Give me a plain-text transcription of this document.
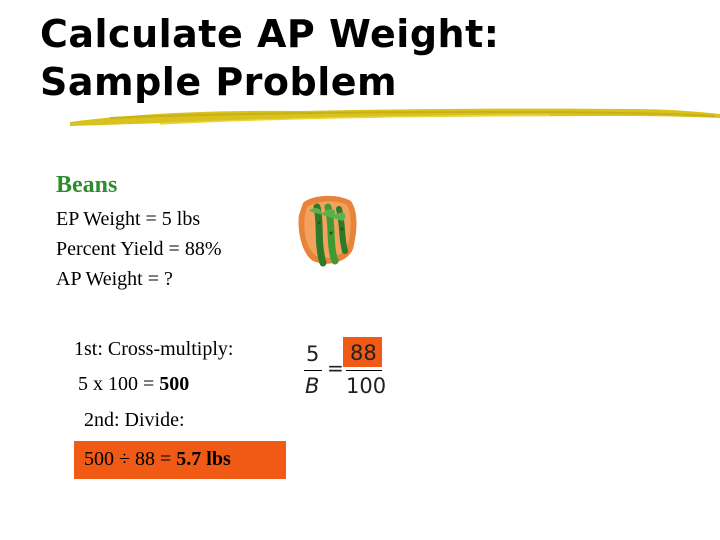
Calculate AP Weight:
Sample Problem
Beans
EP Weight = 5 lbs
Percent Yield = 88%
AP Weight = ?
1st: Cross-multiply:
5 x 100 = 500
2nd: Divide:
500 ÷ 88 = 5.7 lbs
5
B
=
88
100
